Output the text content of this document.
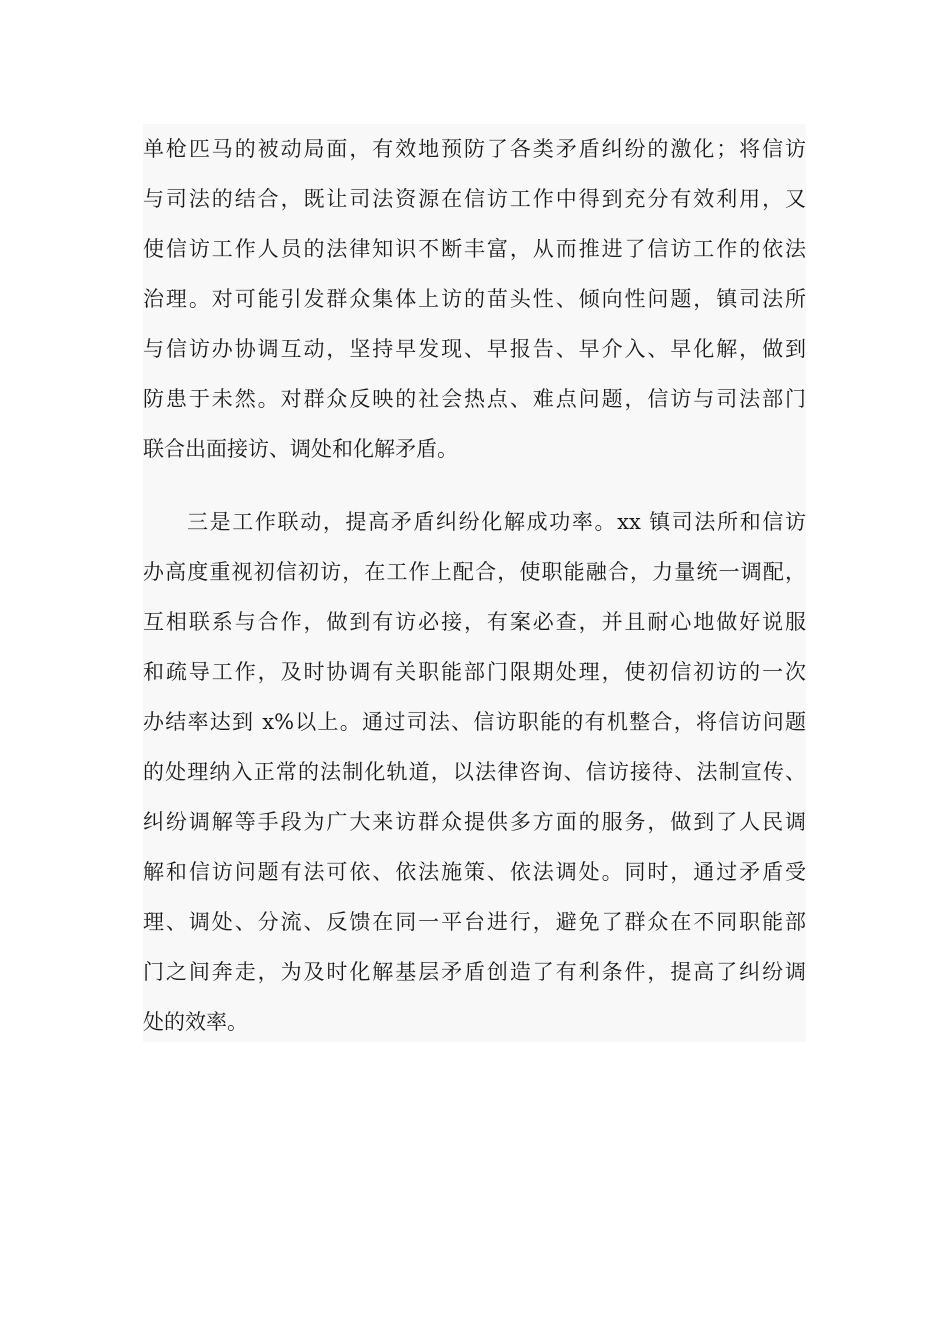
单枪匹马的被动局面，有效地预防了各类矛盾纠纷的激化；将信访
与司法的结合，既让司法资源在信访工作中得到充分有效利用，又
使信访工作人员的法律知识不断丰富，从而推进了信访工作的依法
治理。对可能引发群众集体上访的苗头性、倾向性问题，镇司法所
与信访办协调互动，坚持早发现、早报告、早介入、早化解，做到
防患于未然。对群众反映的社会热点、难点问题，信访与司法部门
联合出面接访、调处和化解矛盾。
三是工作联动，提高矛盾纠纷化解成功率。xx 镇司法所和信访
办高度重视初信初访，在工作上配合，使职能融合，力量统一调配，
互相联系与合作，做到有访必接，有案必查，并且耐心地做好说服
和疏导工作，及时协调有关职能部门限期处理，使初信初访的一次
办结率达到 x%以上。通过司法、信访职能的有机整合，将信访问题
的处理纳入正常的法制化轨道，以法律咨询、信访接待、法制宣传、
纠纷调解等手段为广大来访群众提供多方面的服务，做到了人民调
解和信访问题有法可依、依法施策、依法调处。同时，通过矛盾受
理、调处、分流、反馈在同一平台进行，避免了群众在不同职能部
门之间奔走，为及时化解基层矛盾创造了有利条件，提高了纠纷调
处的效率。
